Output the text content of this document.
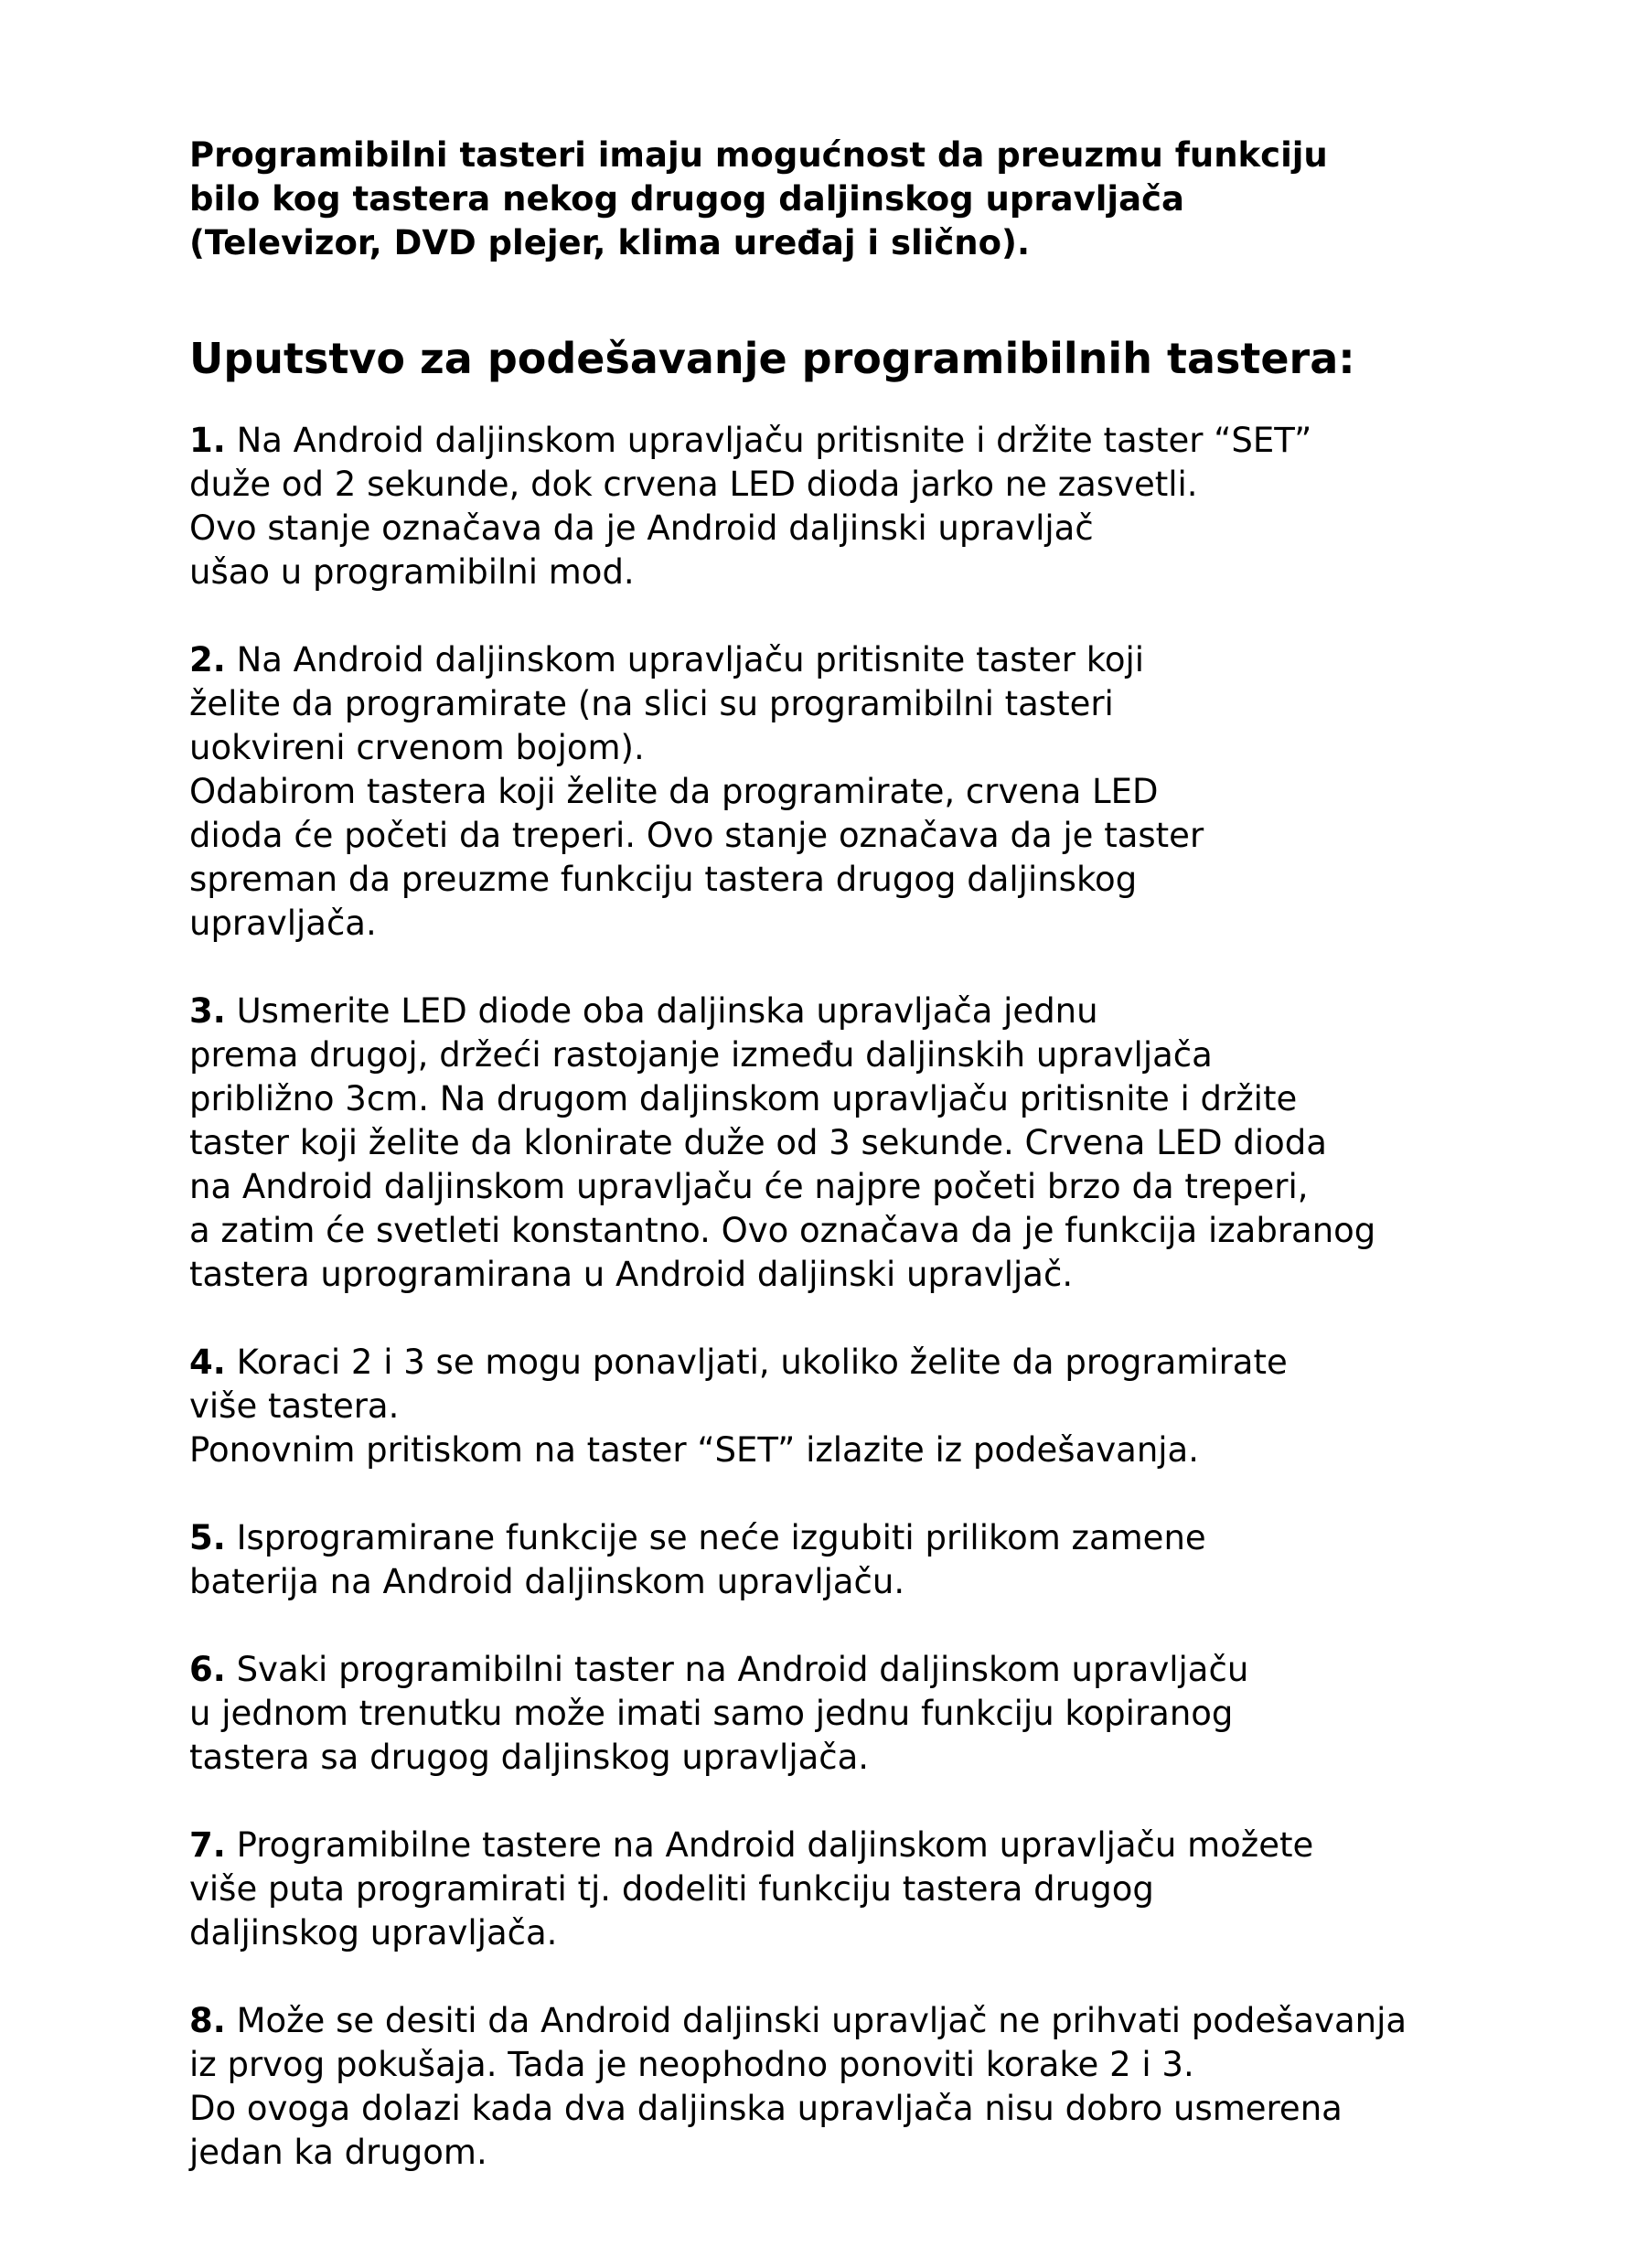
Programibilni tasteri imaju mogućnost da preuzmu funkciju
bilo kog tastera nekog drugog daljinskog upravljača
(Televizor, DVD plejer, klima uređaj i slično).

Uputstvo za podešavanje programibilnih tastera:

1. Na Android daljinskom upravljaču pritisnite i držite taster “SET”
duže od 2 sekunde, dok crvena LED dioda jarko ne zasvetli.
Ovo stanje označava da je Android daljinski upravljač
ušao u programibilni mod.

2. Na Android daljinskom upravljaču pritisnite taster koji
želite da programirate (na slici su programibilni tasteri
uokvireni crvenom bojom).
Odabirom tastera koji želite da programirate, crvena LED
dioda će početi da treperi. Ovo stanje označava da je taster
spreman da preuzme funkciju tastera drugog daljinskog
upravljača.

3. Usmerite LED diode oba daljinska upravljača jednu
prema drugoj, držeći rastojanje između daljinskih upravljača
približno 3cm. Na drugom daljinskom upravljaču pritisnite i držite
taster koji želite da klonirate duže od 3 sekunde. Crvena LED dioda
na Android daljinskom upravljaču će najpre početi brzo da treperi,
a zatim će svetleti konstantno. Ovo označava da je funkcija izabranog
tastera uprogramirana u Android daljinski upravljač.

4. Koraci 2 i 3 se mogu ponavljati, ukoliko želite da programirate
više tastera.
Ponovnim pritiskom na taster “SET” izlazite iz podešavanja.

5. Isprogramirane funkcije se neće izgubiti prilikom zamene
baterija na Android daljinskom upravljaču.

6. Svaki programibilni taster na Android daljinskom upravljaču
u jednom trenutku može imati samo jednu funkciju kopiranog
tastera sa drugog daljinskog upravljača.

7. Programibilne tastere na Android daljinskom upravljaču možete
više puta programirati tj. dodeliti funkciju tastera drugog
daljinskog upravljača.

8. Može se desiti da Android daljinski upravljač ne prihvati podešavanja
iz prvog pokušaja. Tada je neophodno ponoviti korake 2 i 3.
Do ovoga dolazi kada dva daljinska upravljača nisu dobro usmerena
jedan ka drugom.
